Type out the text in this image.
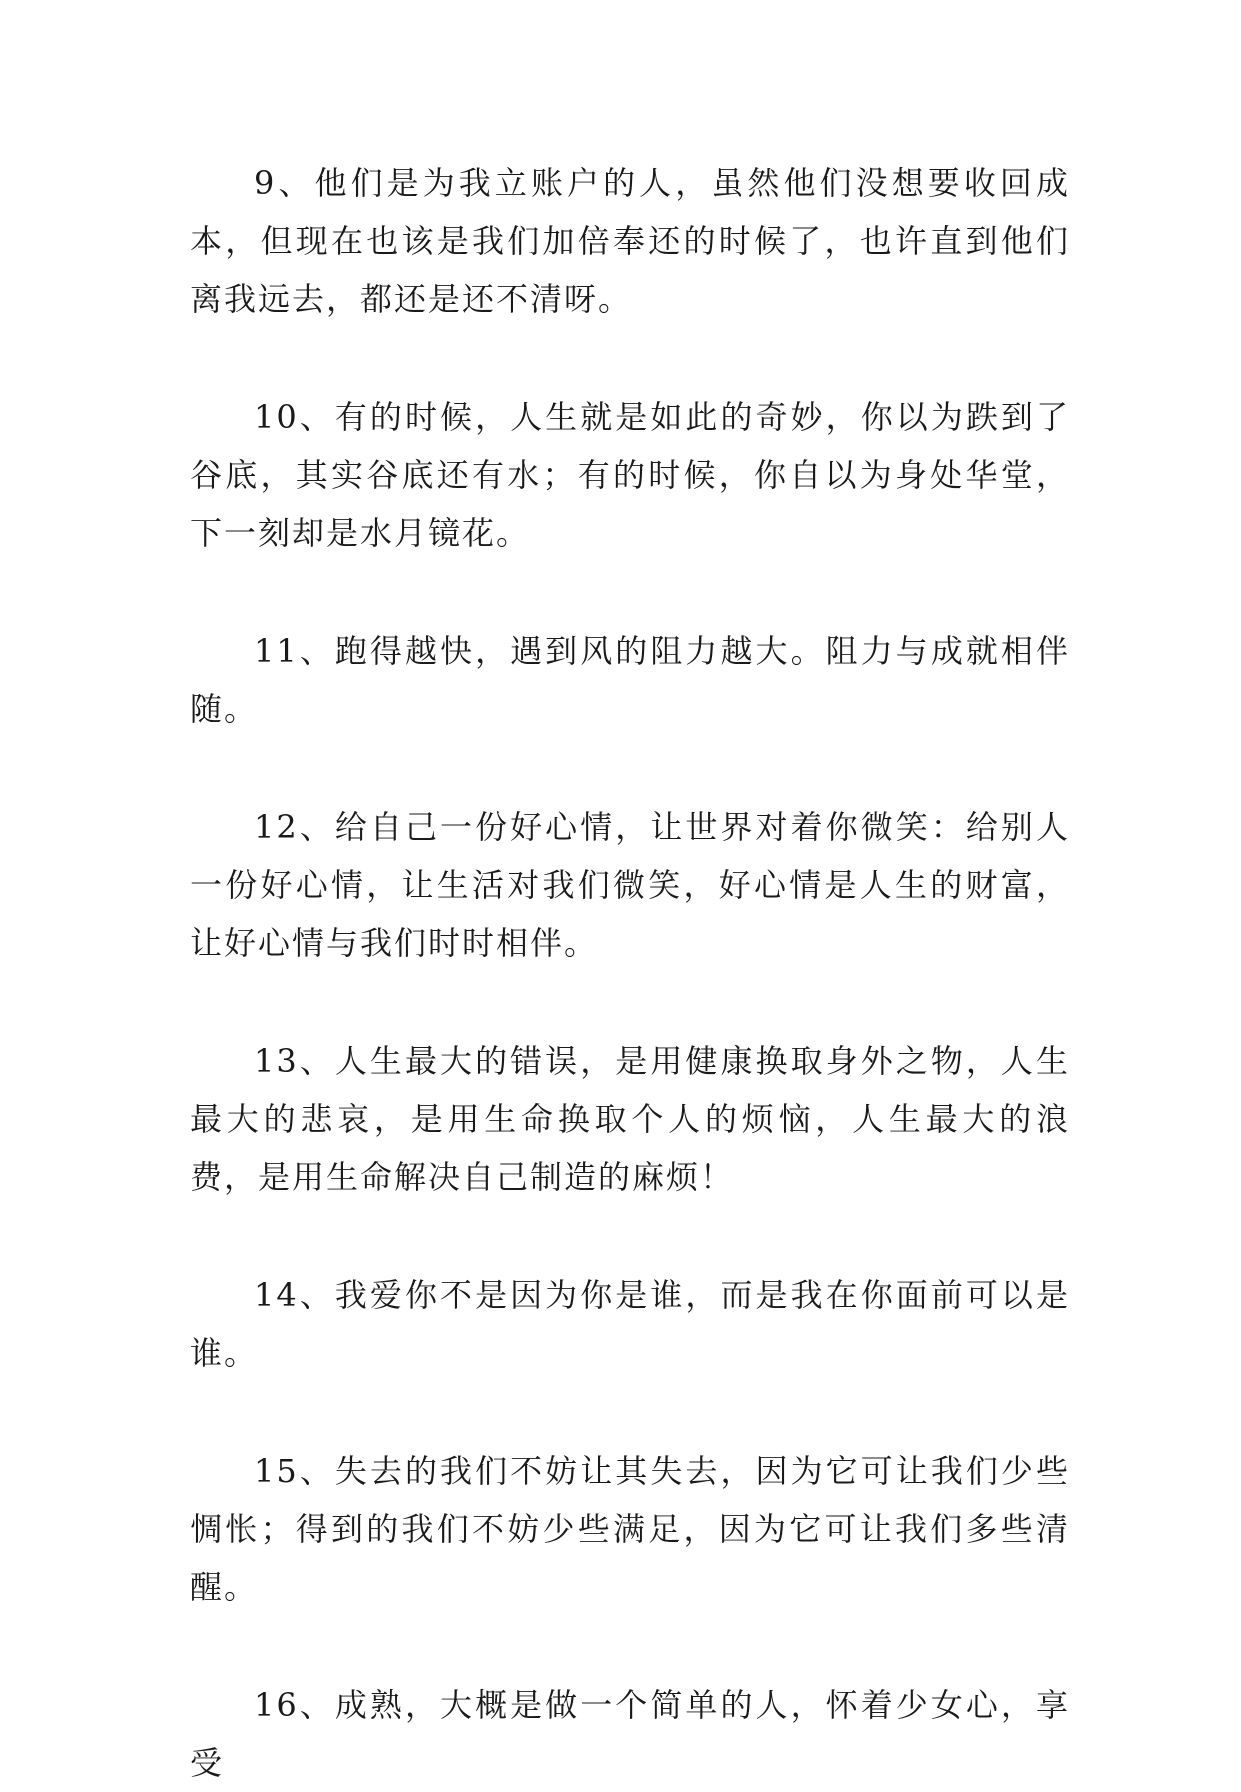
9、他们是为我立账户的人，虽然他们没想要收回成本，但现在也该是我们加倍奉还的时候了，也许直到他们离我远去，都还是还不清呀。

10、有的时候，人生就是如此的奇妙，你以为跌到了谷底，其实谷底还有水；有的时候，你自以为身处华堂，下一刻却是水月镜花。

11、跑得越快，遇到风的阻力越大。阻力与成就相伴随。

12、给自己一份好心情，让世界对着你微笑：给别人一份好心情，让生活对我们微笑，好心情是人生的财富，让好心情与我们时时相伴。

13、人生最大的错误，是用健康换取身外之物，人生最大的悲哀，是用生命换取个人的烦恼，人生最大的浪费，是用生命解决自己制造的麻烦！

14、我爱你不是因为你是谁，而是我在你面前可以是谁。

15、失去的我们不妨让其失去，因为它可让我们少些惆怅；得到的我们不妨少些满足，因为它可让我们多些清醒。

16、成熟，大概是做一个简单的人，怀着少女心，享受
